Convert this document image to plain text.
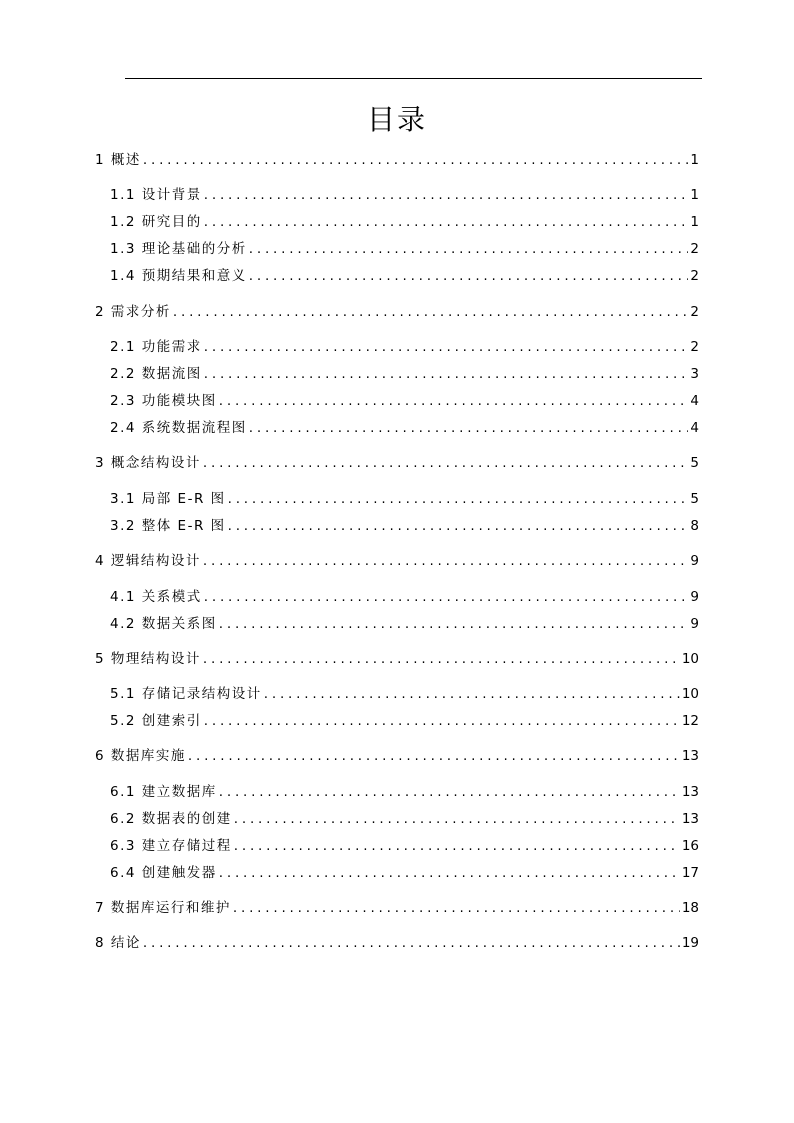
目录
1 概述 .....	1
1.1 设计背景 .....	1
1.2 研究目的 .....	1
1.3 理论基础的分析 .....	2
1.4 预期结果和意义 .....	2
2 需求分析 .....	2
2.1 功能需求 .....	2
2.2 数据流图 .....	3
2.3 功能模块图 .....	4
2.4 系统数据流程图 .....	4
3 概念结构设计 .....	5
3.1 局部 E-R 图 .....	5
3.2 整体 E-R 图 .....	8
4 逻辑结构设计 .....	9
4.1 关系模式 .....	9
4.2 数据关系图 .....	9
5 物理结构设计 .....	10
5.1 存储记录结构设计 .....	10
5.2 创建索引 .....	12
6 数据库实施 .....	13
6.1 建立数据库 .....	13
6.2 数据表的创建 .....	13
6.3 建立存储过程 .....	16
6.4 创建触发器 .....	17
7 数据库运行和维护 .....	18
8 结论 .....	19
